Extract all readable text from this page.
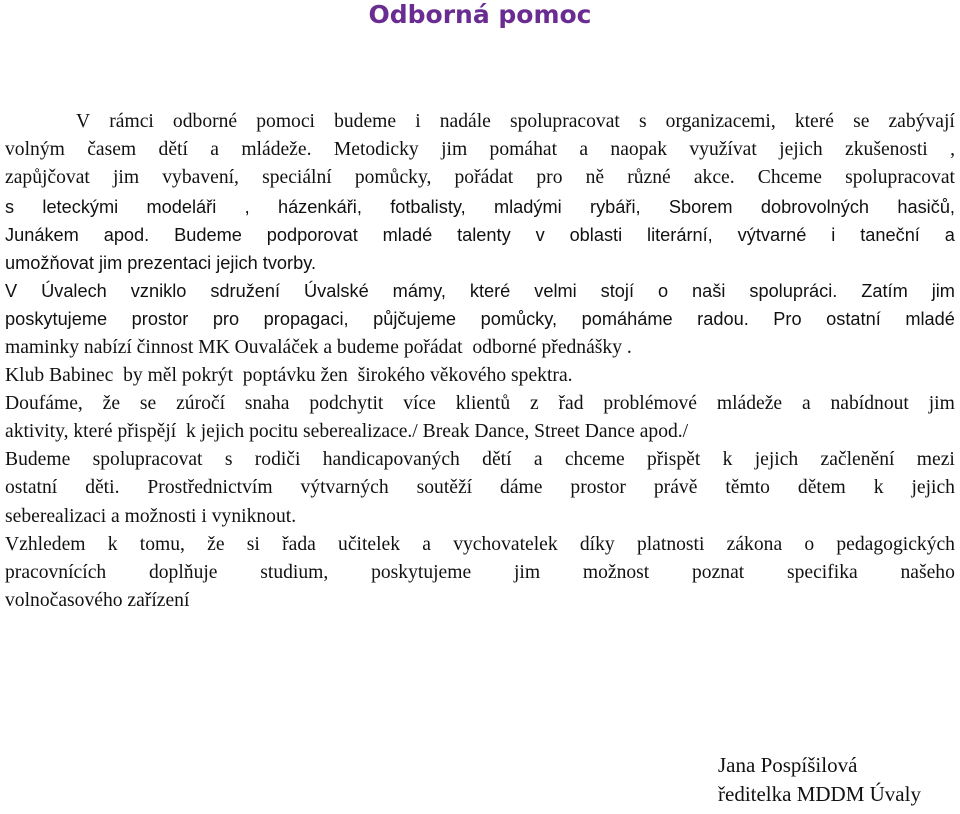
Odborná pomoc
V rámci odborné pomoci budeme i nadále spolupracovat s organizacemi, které se zabývají
volným časem dětí a mládeže. Metodicky jim pomáhat a naopak využívat jejich zkušenosti ,
zapůjčovat jim vybavení, speciální pomůcky, pořádat pro ně různé akce. Chceme spolupracovat
s leteckými modeláři , házenkáři, fotbalisty, mladými rybáři, Sborem dobrovolných hasičů,
Junákem apod. Budeme podporovat mladé talenty v oblasti literární, výtvarné i taneční a
umožňovat jim prezentaci jejich tvorby.
V Úvalech vzniklo sdružení Úvalské mámy, které velmi stojí o naši spolupráci. Zatím jim
poskytujeme prostor pro propagaci, půjčujeme pomůcky, pomáháme radou. Pro ostatní mladé
maminky nabízí činnost MK Ouvaláček a budeme pořádat  odborné přednášky .
Klub Babinec  by měl pokrýt  poptávku žen  širokého věkového spektra.
Doufáme, že se zúročí snaha podchytit více klientů z řad problémové mládeže a nabídnout jim
aktivity, které přispějí  k jejich pocitu seberealizace./ Break Dance, Street Dance apod./
Budeme spolupracovat s rodiči handicapovaných dětí a chceme přispět k jejich začlenění mezi
ostatní děti. Prostřednictvím výtvarných soutěží dáme prostor právě těmto dětem k jejich
seberealizaci a možnosti i vyniknout.
Vzhledem k tomu, že si řada učitelek a vychovatelek díky platnosti zákona o pedagogických
pracovnících doplňuje studium, poskytujeme jim možnost poznat specifika našeho
volnočasového zařízení
Jana Pospíšilová
ředitelka MDDM Úvaly
